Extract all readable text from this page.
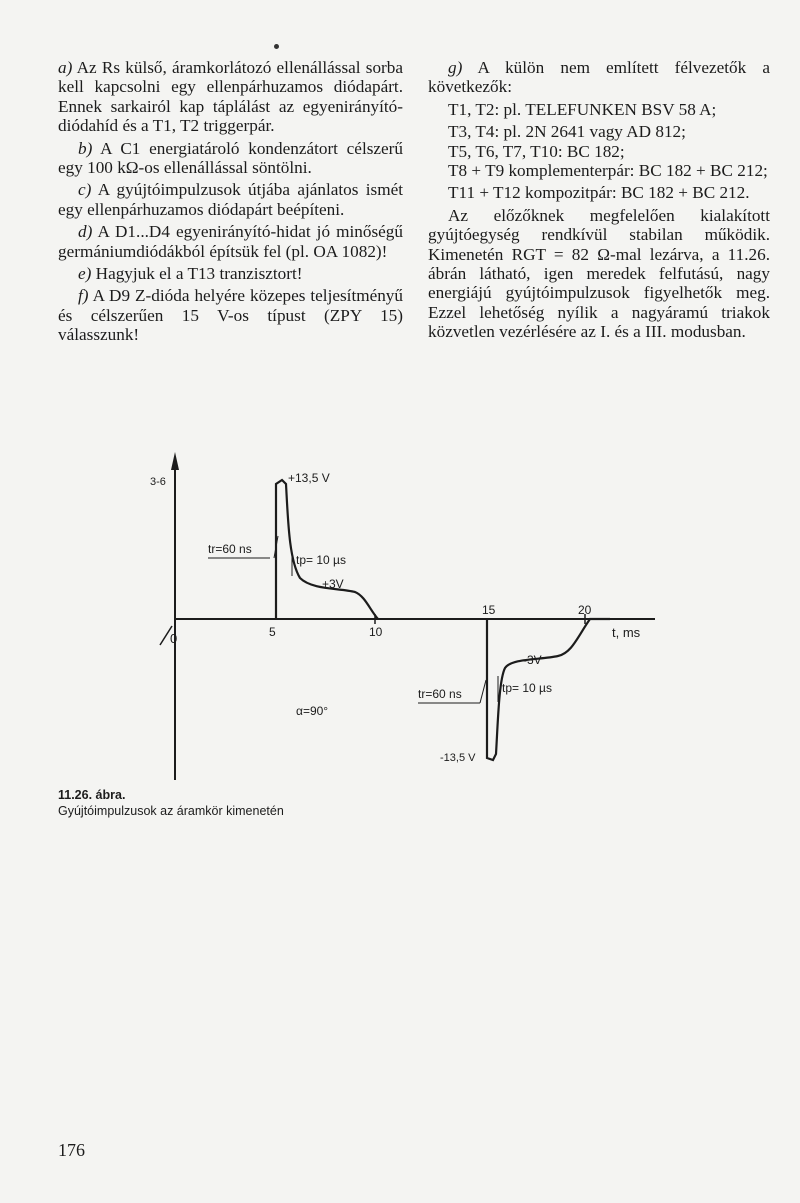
a) Az Rs külső, áramkorlátozó ellenállással sorba kell kapcsolni egy ellenpárhuzamos diódapárt. Ennek sarkairól kap táplálást az egyenirányító-diódahíd és a T1, T2 triggerpár.

b) A C1 energiatároló kondenzátort célszerű egy 100 kΩ-os ellenállással söntölni.

c) A gyújtóimpulzusok útjába ajánlatos ismét egy ellenpárhuzamos diódapárt beépíteni.

d) A D1...D4 egyenirányító-hidat jó minőségű germániumdiódákból építsük fel (pl. OA 1082)!

e) Hagyjuk el a T13 tranzisztort!

f) A D9 Z-dióda helyére közepes teljesítményű és célszerűen 15 V-os típust (ZPY 15) válasszunk!

g) A külön nem említett félvezetők a következők:

T1, T2: pl. TELEFUNKEN BSV 58 A;

T3, T4: pl. 2N 2641 vagy AD 812;

T5, T6, T7, T10: BC 182;

T8 + T9 komplementerpár: BC 182 + BC 212;

T11 + T12 kompozitpár: BC 182 + BC 212.

Az előzőknek megfelelően kialakított gyújtóegység rendkívül stabilan működik. Kimenetén RGT = 82 Ω-mal lezárva, a 11.26. ábrán látható, igen meredek felfutású, nagy energiájú gyújtóimpulzusok figyelhetők meg. Ezzel lehetőség nyílik a nagyáramú triakok közvetlen vezérlésére az I. és a III. modusban.

3-6	+13,5 V
tr=60 ns
tp= 10 µs
+3V
15	20
0	5	10	t, ms
-3V
tp= 10 µs
tr=60 ns
α=90°
-13,5 V
11.26. ábra.
Gyújtóimpulzusok az áramkör kimenetén
176
